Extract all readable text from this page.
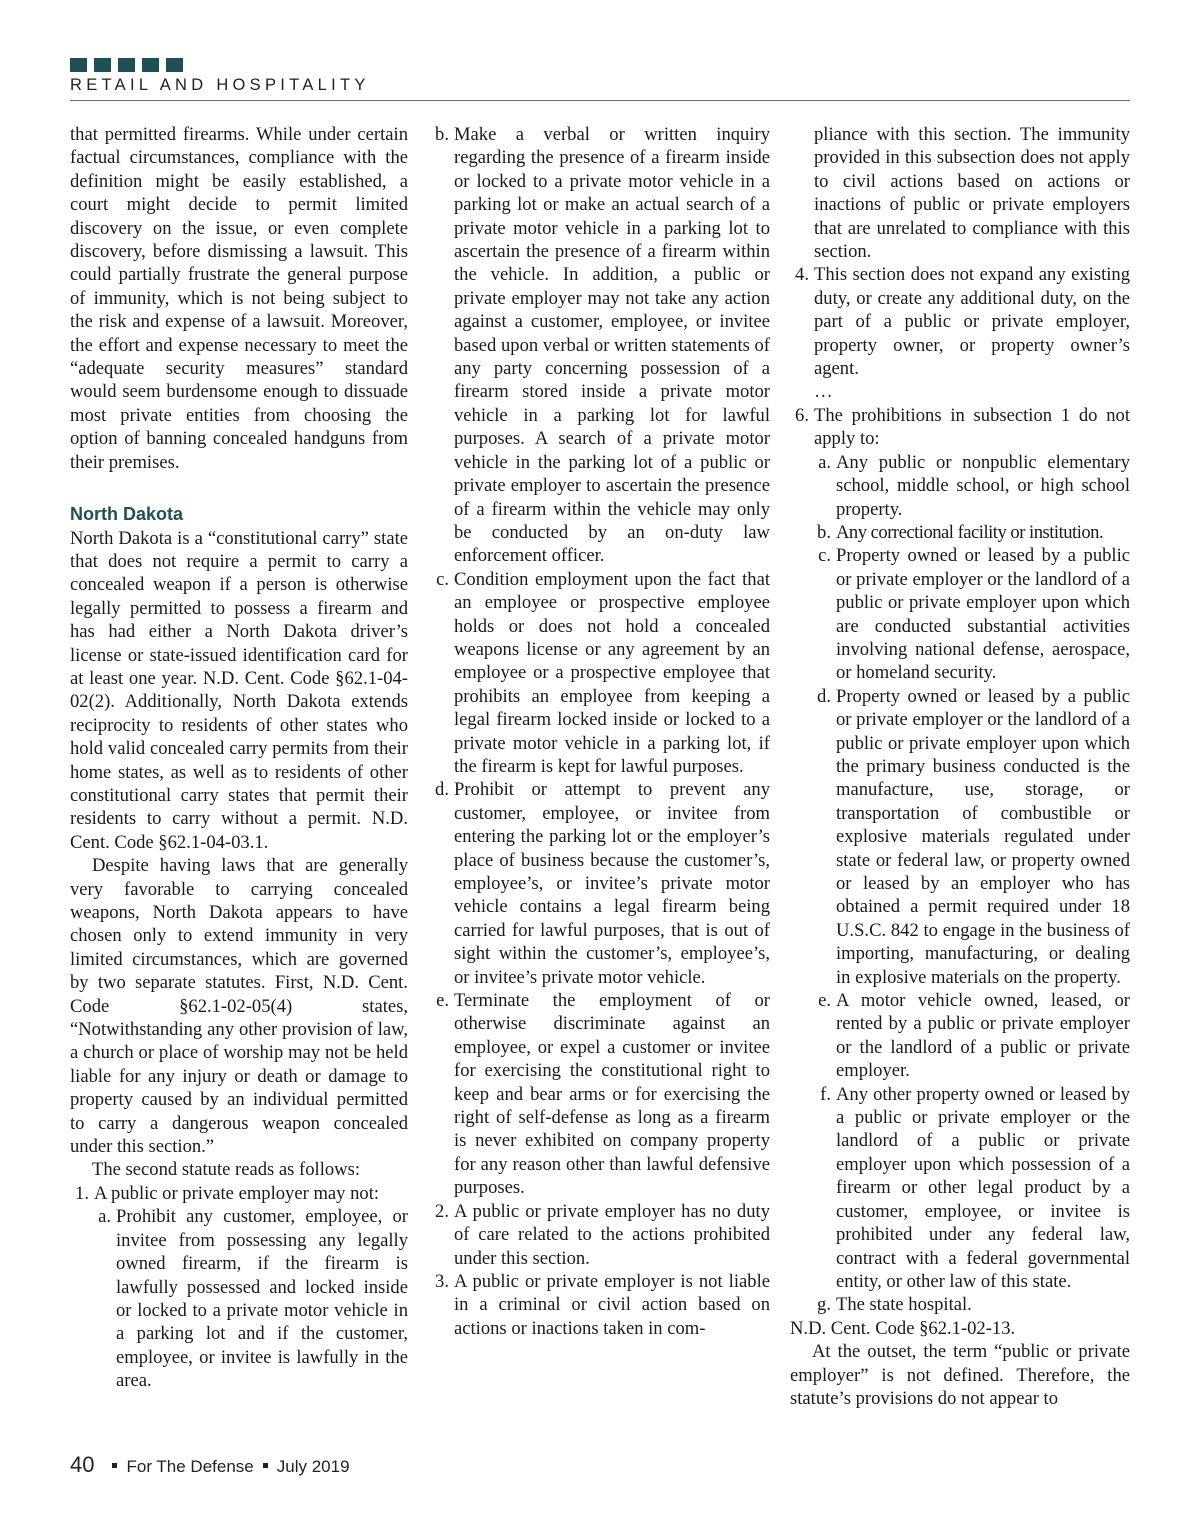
RETAIL AND HOSPITALITY

that permitted firearms. While under certain factual circumstances, compliance with the definition might be easily established, a court might decide to permit limited discovery on the issue, or even complete discovery, before dismissing a lawsuit. This could partially frustrate the general purpose of immunity, which is not being subject to the risk and expense of a lawsuit. Moreover, the effort and expense necessary to meet the “adequate security measures” standard would seem burdensome enough to dissuade most private entities from choosing the option of banning concealed handguns from their premises.

North Dakota

North Dakota is a “constitutional carry” state that does not require a permit to carry a concealed weapon if a person is otherwise legally permitted to possess a firearm and has had either a North Dakota driver’s license or state-issued identification card for at least one year. N.D. Cent. Code §62.1-04-02(2). Additionally, North Dakota extends reciprocity to residents of other states who hold valid concealed carry permits from their home states, as well as to residents of other constitutional carry states that permit their residents to carry without a permit. N.D. Cent. Code §62.1-04-03.1.

Despite having laws that are generally very favorable to carrying concealed weapons, North Dakota appears to have chosen only to extend immunity in very limited circumstances, which are governed by two separate statutes. First, N.D. Cent. Code §62.1-02-05(4) states, “Notwithstanding any other provision of law, a church or place of worship may not be held liable for any injury or death or damage to property caused by an individual permitted to carry a dangerous weapon concealed under this section.”

The second statute reads as follows:

1. A public or private employer may not:
a. Prohibit any customer, employee, or invitee from possessing any legally owned firearm, if the firearm is lawfully possessed and locked inside or locked to a private motor vehicle in a parking lot and if the customer, employee, or invitee is lawfully in the area.
b. Make a verbal or written inquiry regarding the presence of a firearm inside or locked to a private motor vehicle in a parking lot or make an actual search of a private motor vehicle in a parking lot to ascertain the presence of a firearm within the vehicle. In addition, a public or private employer may not take any action against a customer, employee, or invitee based upon verbal or written statements of any party concerning possession of a firearm stored inside a private motor vehicle in a parking lot for lawful purposes. A search of a private motor vehicle in the parking lot of a public or private employer to ascertain the presence of a firearm within the vehicle may only be conducted by an on-duty law enforcement officer.
c. Condition employment upon the fact that an employee or prospective employee holds or does not hold a concealed weapons license or any agreement by an employee or a prospective employee that prohibits an employee from keeping a legal firearm locked inside or locked to a private motor vehicle in a parking lot, if the firearm is kept for lawful purposes.
d. Prohibit or attempt to prevent any customer, employee, or invitee from entering the parking lot or the employer’s place of business because the customer’s, employee’s, or invitee’s private motor vehicle contains a legal firearm being carried for lawful purposes, that is out of sight within the customer’s, employee’s, or invitee’s private motor vehicle.
e. Terminate the employment of or otherwise discriminate against an employee, or expel a customer or invitee for exercising the constitutional right to keep and bear arms or for exercising the right of self-defense as long as a firearm is never exhibited on company property for any reason other than lawful defensive purposes.
2. A public or private employer has no duty of care related to the actions prohibited under this section.
3. A public or private employer is not liable in a criminal or civil action based on actions or inactions taken in com-
pliance with this section. The immunity provided in this subsection does not apply to civil actions based on actions or inactions of public or private employers that are unrelated to compliance with this section.
4. This section does not expand any existing duty, or create any additional duty, on the part of a public or private employer, property owner, or property owner’s agent.
…
6. The prohibitions in subsection 1 do not apply to:
a. Any public or nonpublic elementary school, middle school, or high school property.
b. Any correctional facility or institution.
c. Property owned or leased by a public or private employer or the landlord of a public or private employer upon which are conducted substantial activities involving national defense, aerospace, or homeland security.
d. Property owned or leased by a public or private employer or the landlord of a public or private employer upon which the primary business conducted is the manufacture, use, storage, or transportation of combustible or explosive materials regulated under state or federal law, or property owned or leased by an employer who has obtained a permit required under 18 U.S.C. 842 to engage in the business of importing, manufacturing, or dealing in explosive materials on the property.
e. A motor vehicle owned, leased, or rented by a public or private employer or the landlord of a public or private employer.
f. Any other property owned or leased by a public or private employer or the landlord of a public or private employer upon which possession of a firearm or other legal product by a customer, employee, or invitee is prohibited under any federal law, contract with a federal governmental entity, or other law of this state.
g. The state hospital.

N.D. Cent. Code §62.1-02-13.

At the outset, the term “public or private employer” is not defined. Therefore, the statute’s provisions do not appear to

40 For The Defense July 2019
